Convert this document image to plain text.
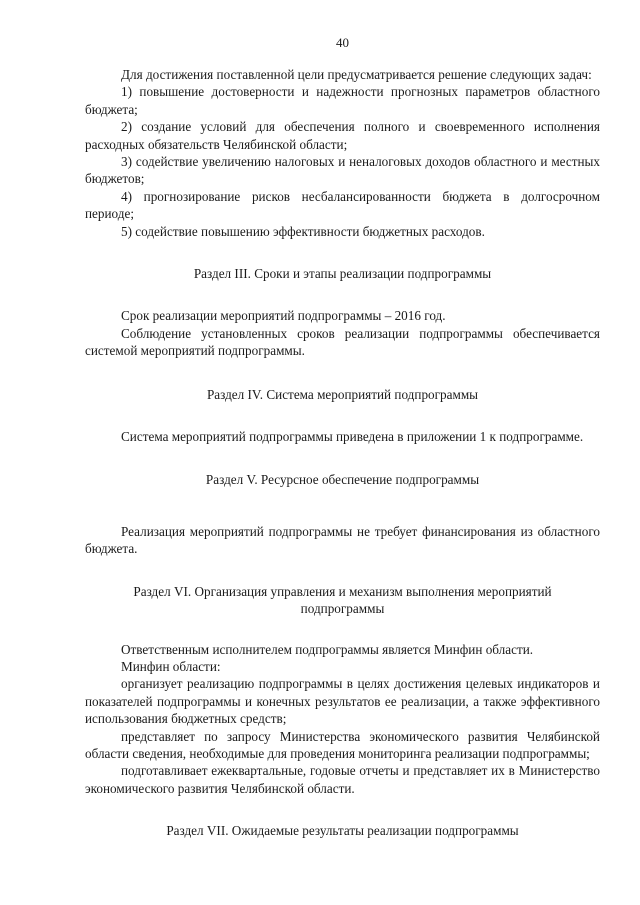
40

Для достижения поставленной цели предусматривается решение следующих задач:

1) повышение достоверности и надежности прогнозных параметров областного бюджета;

2) создание условий для обеспечения полного и своевременного исполнения расходных обязательств Челябинской области;

3) содействие увеличению налоговых и неналоговых доходов областного и местных бюджетов;

4) прогнозирование рисков несбалансированности бюджета в долгосрочном периоде;

5) содействие повышению эффективности бюджетных расходов.

Раздел III. Сроки и этапы реализации подпрограммы

Срок реализации мероприятий подпрограммы – 2016 год.

Соблюдение установленных сроков реализации подпрограммы обеспечивается системой мероприятий подпрограммы.

Раздел IV. Система мероприятий подпрограммы

Система мероприятий подпрограммы приведена в приложении 1 к подпрограмме.

Раздел V. Ресурсное обеспечение подпрограммы

Реализация мероприятий подпрограммы не требует финансирования из областного бюджета.

Раздел VI. Организация управления и механизм выполнения мероприятий подпрограммы

Ответственным исполнителем подпрограммы является Минфин области.

Минфин области:

организует реализацию подпрограммы в целях достижения целевых индикаторов и показателей подпрограммы и конечных результатов ее реализации, а также эффективного использования бюджетных средств;

представляет по запросу Министерства экономического развития Челябинской области сведения, необходимые для проведения мониторинга реализации подпрограммы;

подготавливает ежеквартальные, годовые отчеты и представляет их в Министерство экономического развития Челябинской области.

Раздел VII. Ожидаемые результаты реализации подпрограммы
